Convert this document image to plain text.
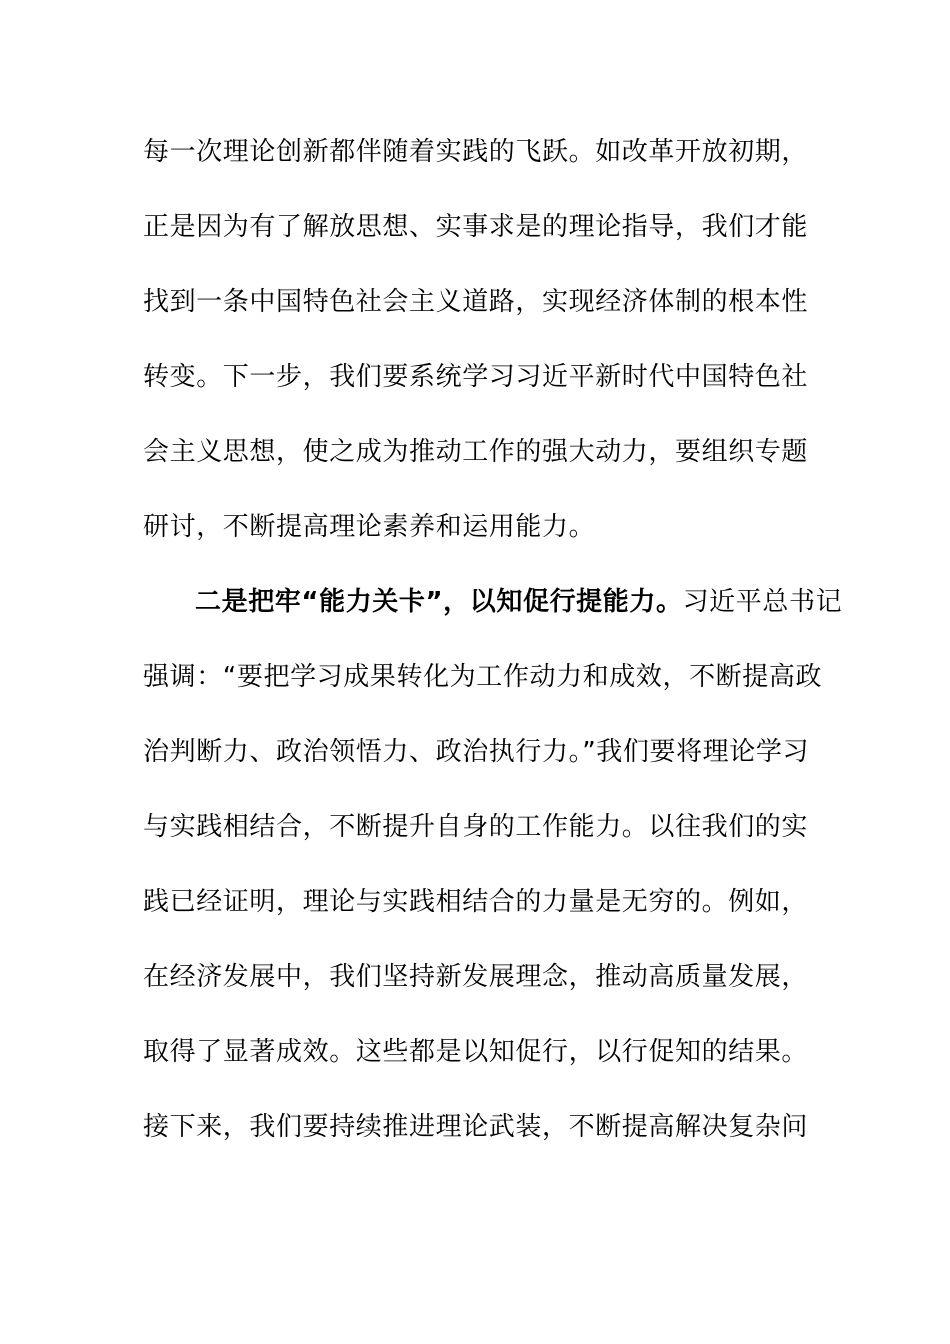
每一次理论创新都伴随着实践的飞跃。如改革开放初期，
正是因为有了解放思想、实事求是的理论指导，我们才能
找到一条中国特色社会主义道路，实现经济体制的根本性
转变。下一步，我们要系统学习习近平新时代中国特色社
会主义思想，使之成为推动工作的强大动力，要组织专题
研讨，不断提高理论素养和运用能力。
二是把牢“能力关卡”，以知促行提能力。习近平总书记
强调：“要把学习成果转化为工作动力和成效，不断提高政
治判断力、政治领悟力、政治执行力。”我们要将理论学习
与实践相结合，不断提升自身的工作能力。以往我们的实
践已经证明，理论与实践相结合的力量是无穷的。例如，
在经济发展中，我们坚持新发展理念，推动高质量发展，
取得了显著成效。这些都是以知促行，以行促知的结果。
接下来，我们要持续推进理论武装，不断提高解决复杂问
